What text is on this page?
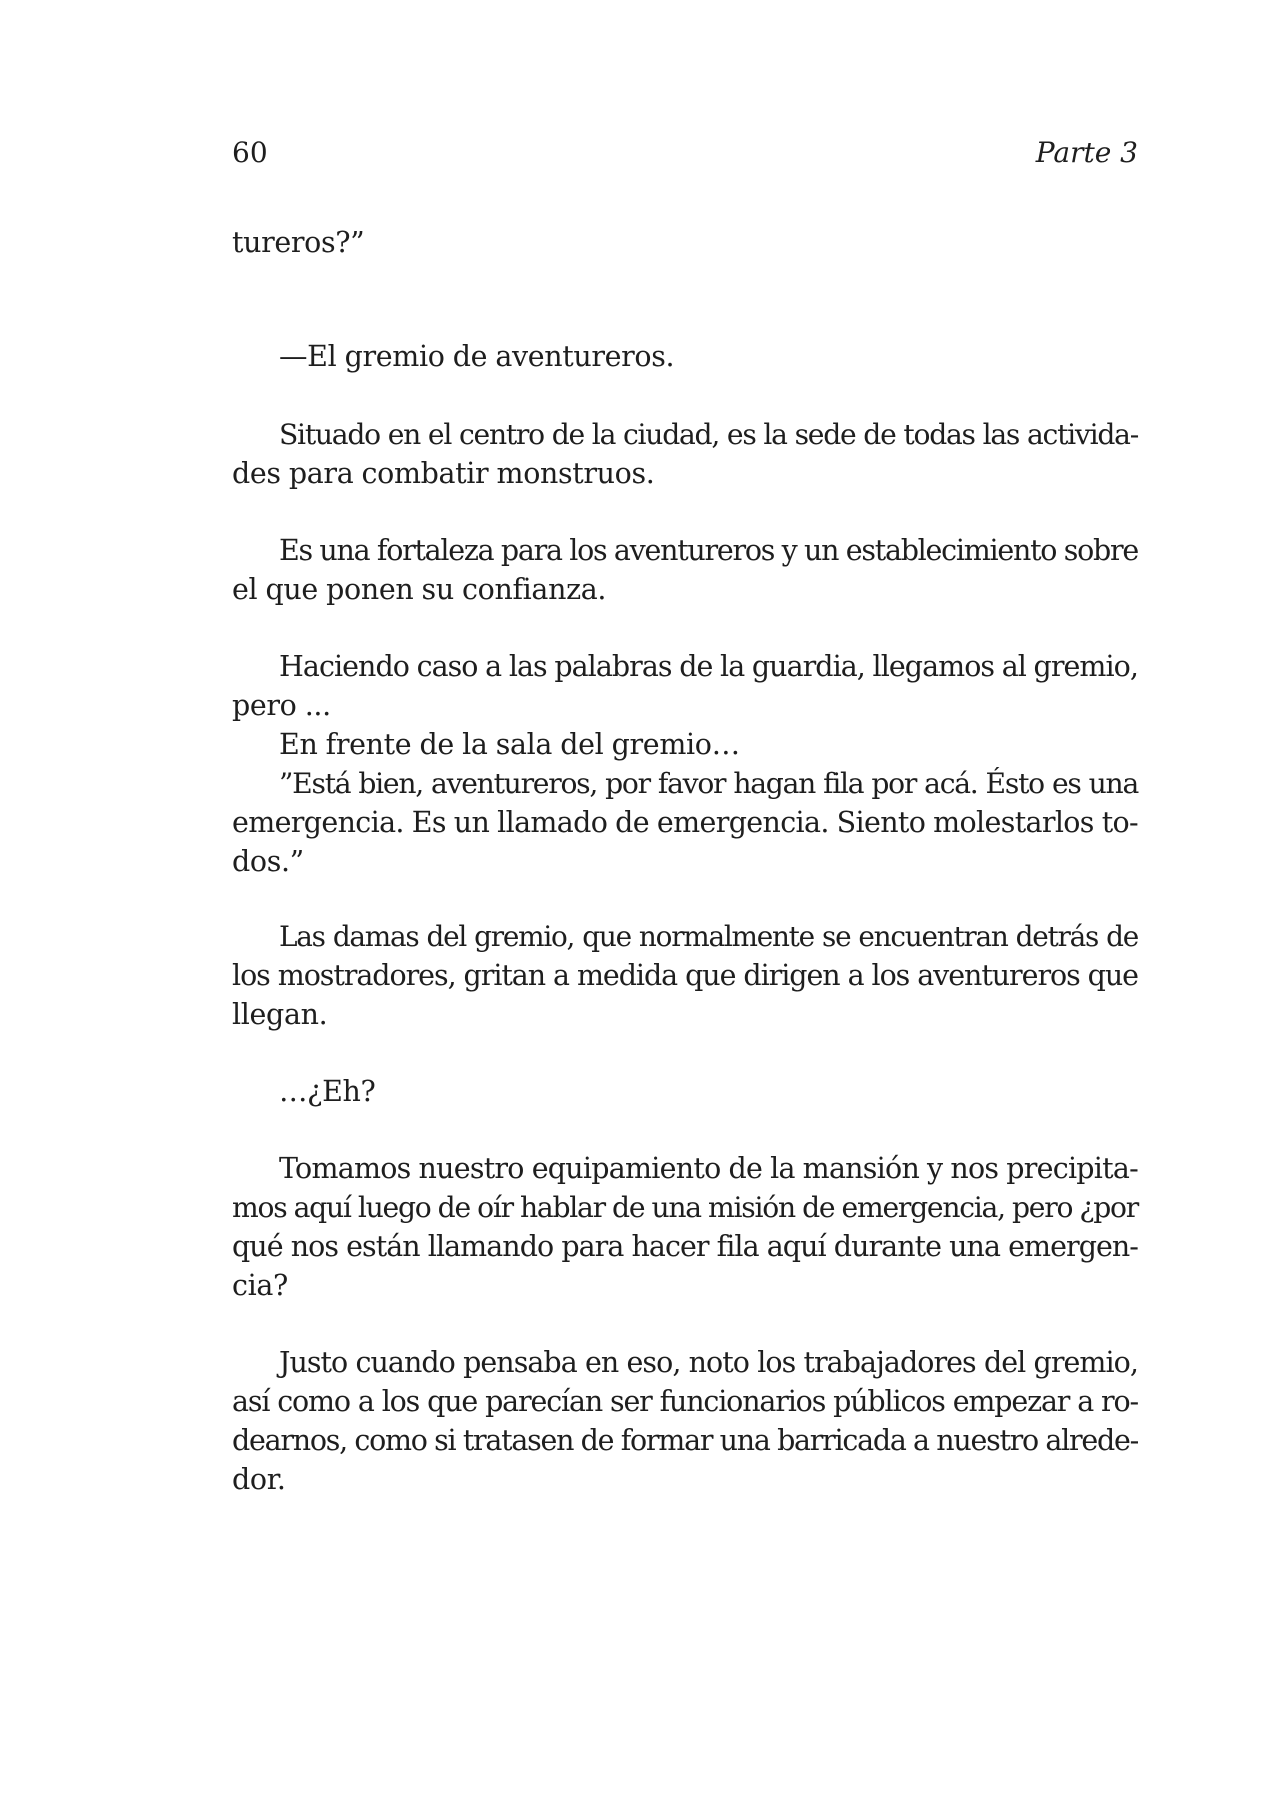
60	Parte 3
tureros?”
—El gremio de aventureros.
Situado en el centro de la ciudad, es la sede de todas las activida-
des para combatir monstruos.
Es una fortaleza para los aventureros y un establecimiento sobre
el que ponen su confianza.
Haciendo caso a las palabras de la guardia, llegamos al gremio,
pero ...
En frente de la sala del gremio…
”Está bien, aventureros, por favor hagan fila por acá. Ésto es una
emergencia. Es un llamado de emergencia. Siento molestarlos to-
dos.”
Las damas del gremio, que normalmente se encuentran detrás de
los mostradores, gritan a medida que dirigen a los aventureros que
llegan.
…¿Eh?
Tomamos nuestro equipamiento de la mansión y nos precipita-
mos aquí luego de oír hablar de una misión de emergencia, pero ¿por
qué nos están llamando para hacer fila aquí durante una emergen-
cia?
Justo cuando pensaba en eso, noto los trabajadores del gremio,
así como a los que parecían ser funcionarios públicos empezar a ro-
dearnos, como si tratasen de formar una barricada a nuestro alrede-
dor.
